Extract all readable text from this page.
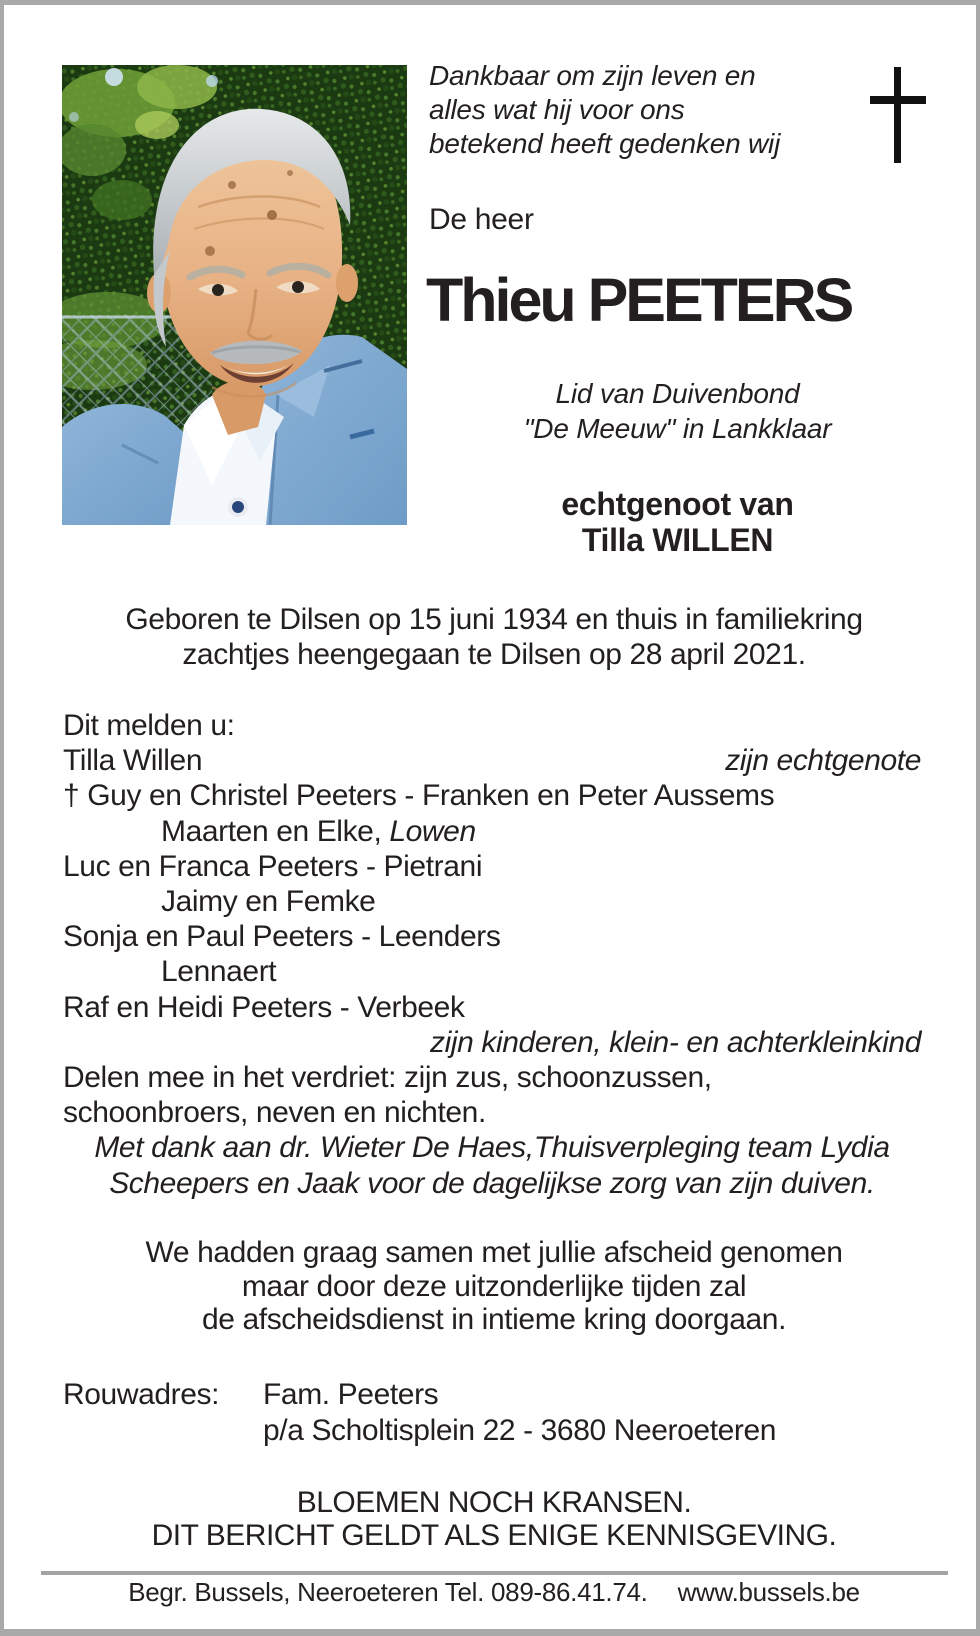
Dankbaar om zijn leven en
alles wat hij voor ons
betekend heeft gedenken wij
De heer
Thieu PEETERS
Lid van Duivenbond
"De Meeuw" in Lankklaar
echtgenoot van
Tilla WILLEN
Geboren te Dilsen op 15 juni 1934 en thuis in familiekring
zachtjes heengegaan te Dilsen op 28 april 2021.
Dit melden u:
Tilla Willen	zijn echtgenote
† Guy en Christel Peeters - Franken en Peter Aussems
Maarten en Elke, Lowen
Luc en Franca Peeters - Pietrani
Jaimy en Femke
Sonja en Paul Peeters - Leenders
Lennaert
Raf en Heidi Peeters - Verbeek
zijn kinderen, klein- en achterkleinkind
Delen mee in het verdriet: zijn zus, schoonzussen,
schoonbroers, neven en nichten.
Met dank aan dr. Wieter De Haes,Thuisverpleging team Lydia
Scheepers en Jaak voor de dagelijkse zorg van zijn duiven.
We hadden graag samen met jullie afscheid genomen
maar door deze uitzonderlijke tijden zal
de afscheidsdienst in intieme kring doorgaan.
Rouwadres:	Fam. Peeters
p/a Scholtisplein 22 - 3680 Neeroeteren
BLOEMEN NOCH KRANSEN.
DIT BERICHT GELDT ALS ENIGE KENNISGEVING.
Begr. Bussels, Neeroeteren Tel. 089-86.41.74. www.bussels.be
